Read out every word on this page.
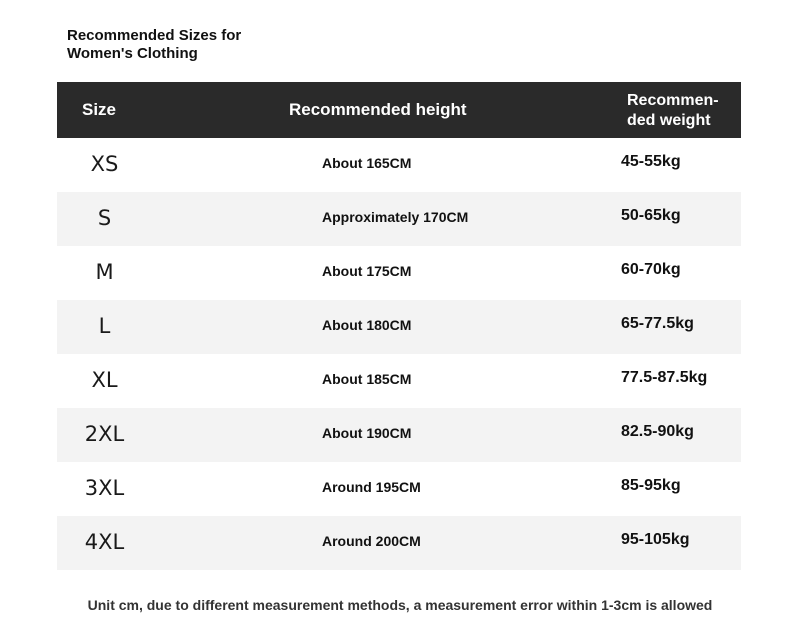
Recommended Sizes for
Women's Clothing
Size	Recommended height	Recommen-
ded weight
XS	About 165CM	45-55kg
S	Approximately 170CM	50-65kg
M	About 175CM	60-70kg
L	About 180CM	65-77.5kg
XL	About 185CM	77.5-87.5kg
2XL	About 190CM	82.5-90kg
3XL	Around 195CM	85-95kg
4XL	Around 200CM	95-105kg
Unit cm, due to different measurement methods, a measurement error within 1-3cm is allowed
